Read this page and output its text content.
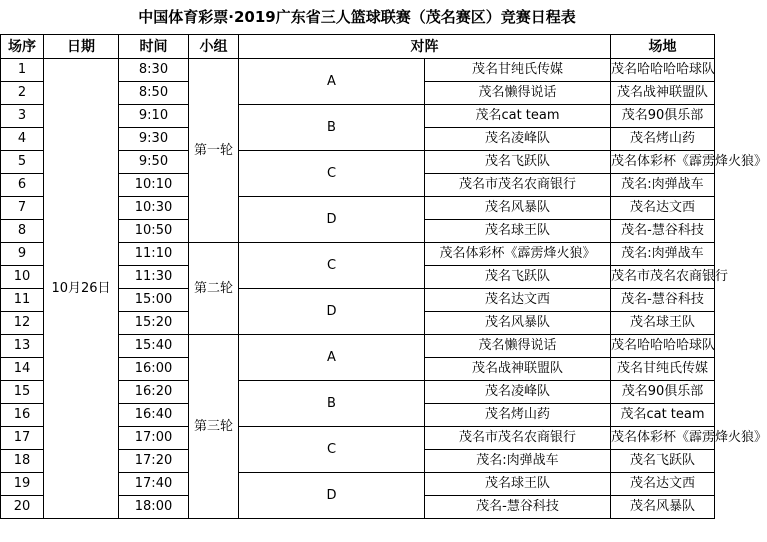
中国体育彩票·2019广东省三人篮球联赛（茂名赛区）竞赛日程表
场序	日期	时间	小组	对阵		场地	
1	10月26日	8:30	第一轮	A	茂名甘纯氏传媒	茂名哈哈哈哈球队	
2		8:50			茂名懒得说话	茂名战神联盟队	
3		9:10		B	茂名cat team	茂名90俱乐部	
4		9:30			茂名凌峰队	茂名烤山药	
5		9:50		C	茂名飞跃队	茂名体彩杯《霹雳烽火狼》	
6		10:10			茂名市茂名农商银行	茂名:肉弹战车	
7		10:30		D	茂名风暴队	茂名达文西	
8		10:50			茂名球王队	茂名-慧谷科技	
9		11:10	第二轮	C	茂名体彩杯《霹雳烽火狼》	茂名:肉弹战车	
10		11:30			茂名飞跃队	茂名市茂名农商银行	
11		15:00		D	茂名达文西	茂名-慧谷科技	
12		15:20			茂名风暴队	茂名球王队	
13		15:40	第三轮	A	茂名懒得说话	茂名哈哈哈哈球队	
14		16:00			茂名战神联盟队	茂名甘纯氏传媒	
15		16:20		B	茂名凌峰队	茂名90俱乐部	
16		16:40			茂名烤山药	茂名cat team	
17		17:00		C	茂名市茂名农商银行	茂名体彩杯《霹雳烽火狼》	
18		17:20			茂名:肉弹战车	茂名飞跃队	
19		17:40		D	茂名球王队	茂名达文西	
20		18:00			茂名-慧谷科技	茂名风暴队	
